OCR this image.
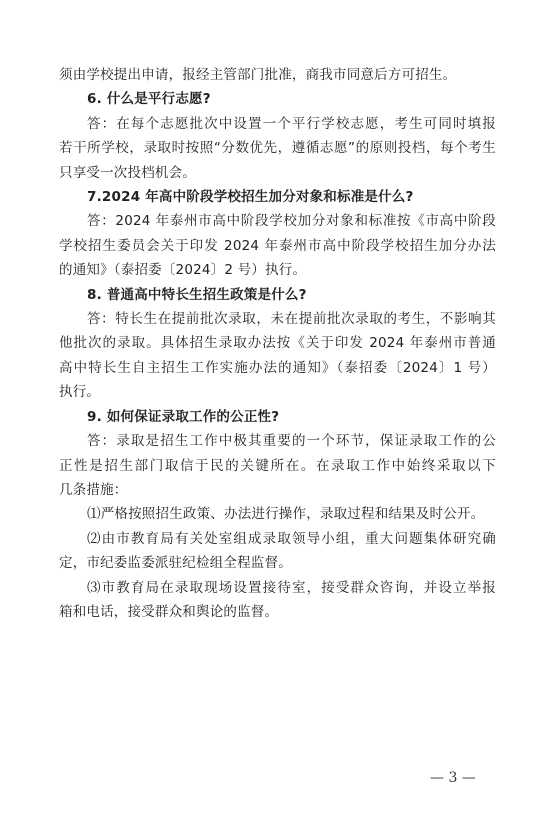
须由学校提出申请，报经主管部门批准，商我市同意后方可招生。
6. 什么是平行志愿?
答：在每个志愿批次中设置一个平行学校志愿，考生可同时填报
若干所学校，录取时按照“分数优先，遵循志愿”的原则投档，每个考生
只享受一次投档机会。
7.2024 年高中阶段学校招生加分对象和标准是什么?
答：2024 年泰州市高中阶段学校加分对象和标准按《市高中阶段
学校招生委员会关于印发 2024 年泰州市高中阶段学校招生加分办法
的通知》（泰招委〔2024〕2 号）执行。
8. 普通高中特长生招生政策是什么?
答：特长生在提前批次录取，未在提前批次录取的考生，不影响其
他批次的录取。具体招生录取办法按《关于印发 2024 年泰州市普通
高中特长生自主招生工作实施办法的通知》（泰招委〔2024〕1 号）
执行。
9. 如何保证录取工作的公正性?
答：录取是招生工作中极其重要的一个环节，保证录取工作的公
正性是招生部门取信于民的关键所在。在录取工作中始终采取以下
几条措施：
⑴严格按照招生政策、办法进行操作，录取过程和结果及时公开。
⑵由市教育局有关处室组成录取领导小组，重大问题集体研究确
定，市纪委监委派驻纪检组全程监督。
⑶市教育局在录取现场设置接待室，接受群众咨询，并设立举报
箱和电话，接受群众和舆论的监督。
— 3 —
